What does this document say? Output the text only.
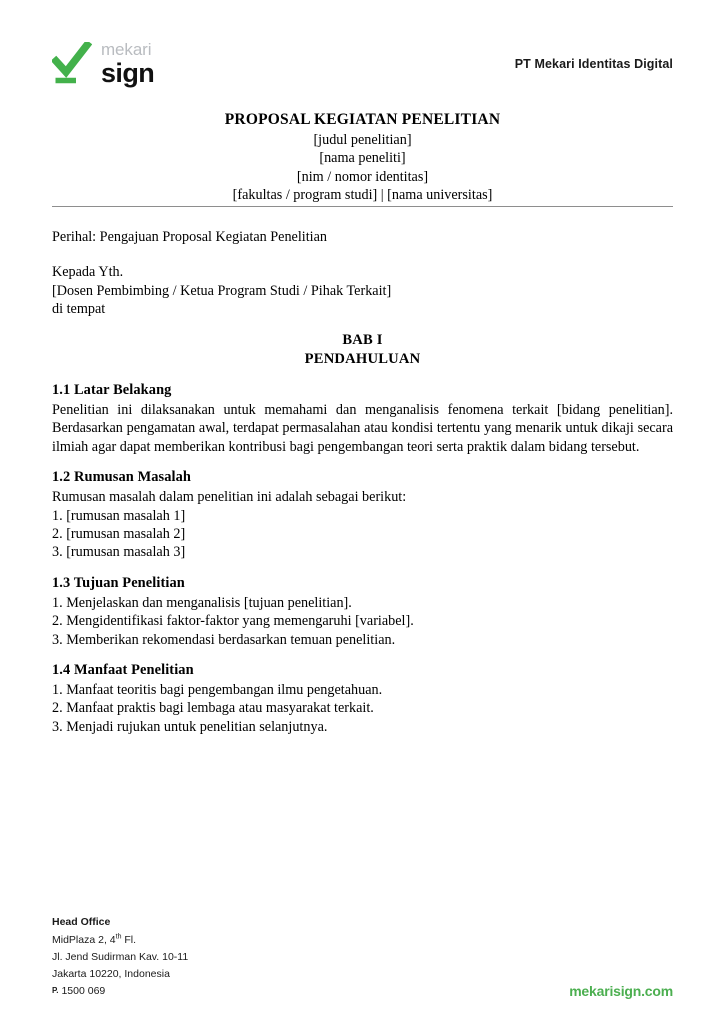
mekari
sign	PT Mekari Identitas Digital
PROPOSAL KEGIATAN PENELITIAN
[judul penelitian]
[nama peneliti]
[nim / nomor identitas]
[fakultas / program studi] | [nama universitas]

Perihal: Pengajuan Proposal Kegiatan Penelitian

Kepada Yth.

[Dosen Pembimbing / Ketua Program Studi / Pihak Terkait]

di tempat

BAB I
PENDAHULUAN

1.1 Latar Belakang

Penelitian ini dilaksanakan untuk memahami dan menganalisis fenomena terkait [bidang penelitian]. Berdasarkan pengamatan awal, terdapat permasalahan atau kondisi tertentu yang menarik untuk dikaji secara ilmiah agar dapat memberikan kontribusi bagi pengembangan teori serta praktik dalam bidang tersebut.

1.2 Rumusan Masalah

Rumusan masalah dalam penelitian ini adalah sebagai berikut:

1. [rumusan masalah 1]

2. [rumusan masalah 2]

3. [rumusan masalah 3]

1.3 Tujuan Penelitian

1. Menjelaskan dan menganalisis [tujuan penelitian].

2. Mengidentifikasi faktor-faktor yang memengaruhi [variabel].

3. Memberikan rekomendasi berdasarkan temuan penelitian.

1.4 Manfaat Penelitian

1. Manfaat teoritis bagi pengembangan ilmu pengetahuan.

2. Manfaat praktis bagi lembaga atau masyarakat terkait.

3. Menjadi rujukan untuk penelitian selanjutnya.

Head Office

MidPlaza 2, 4th Fl.

Jl. Jend Sudirman Kav. 10-11

Jakarta 10220, Indonesia

P. 1500 069	mekarisign.com
